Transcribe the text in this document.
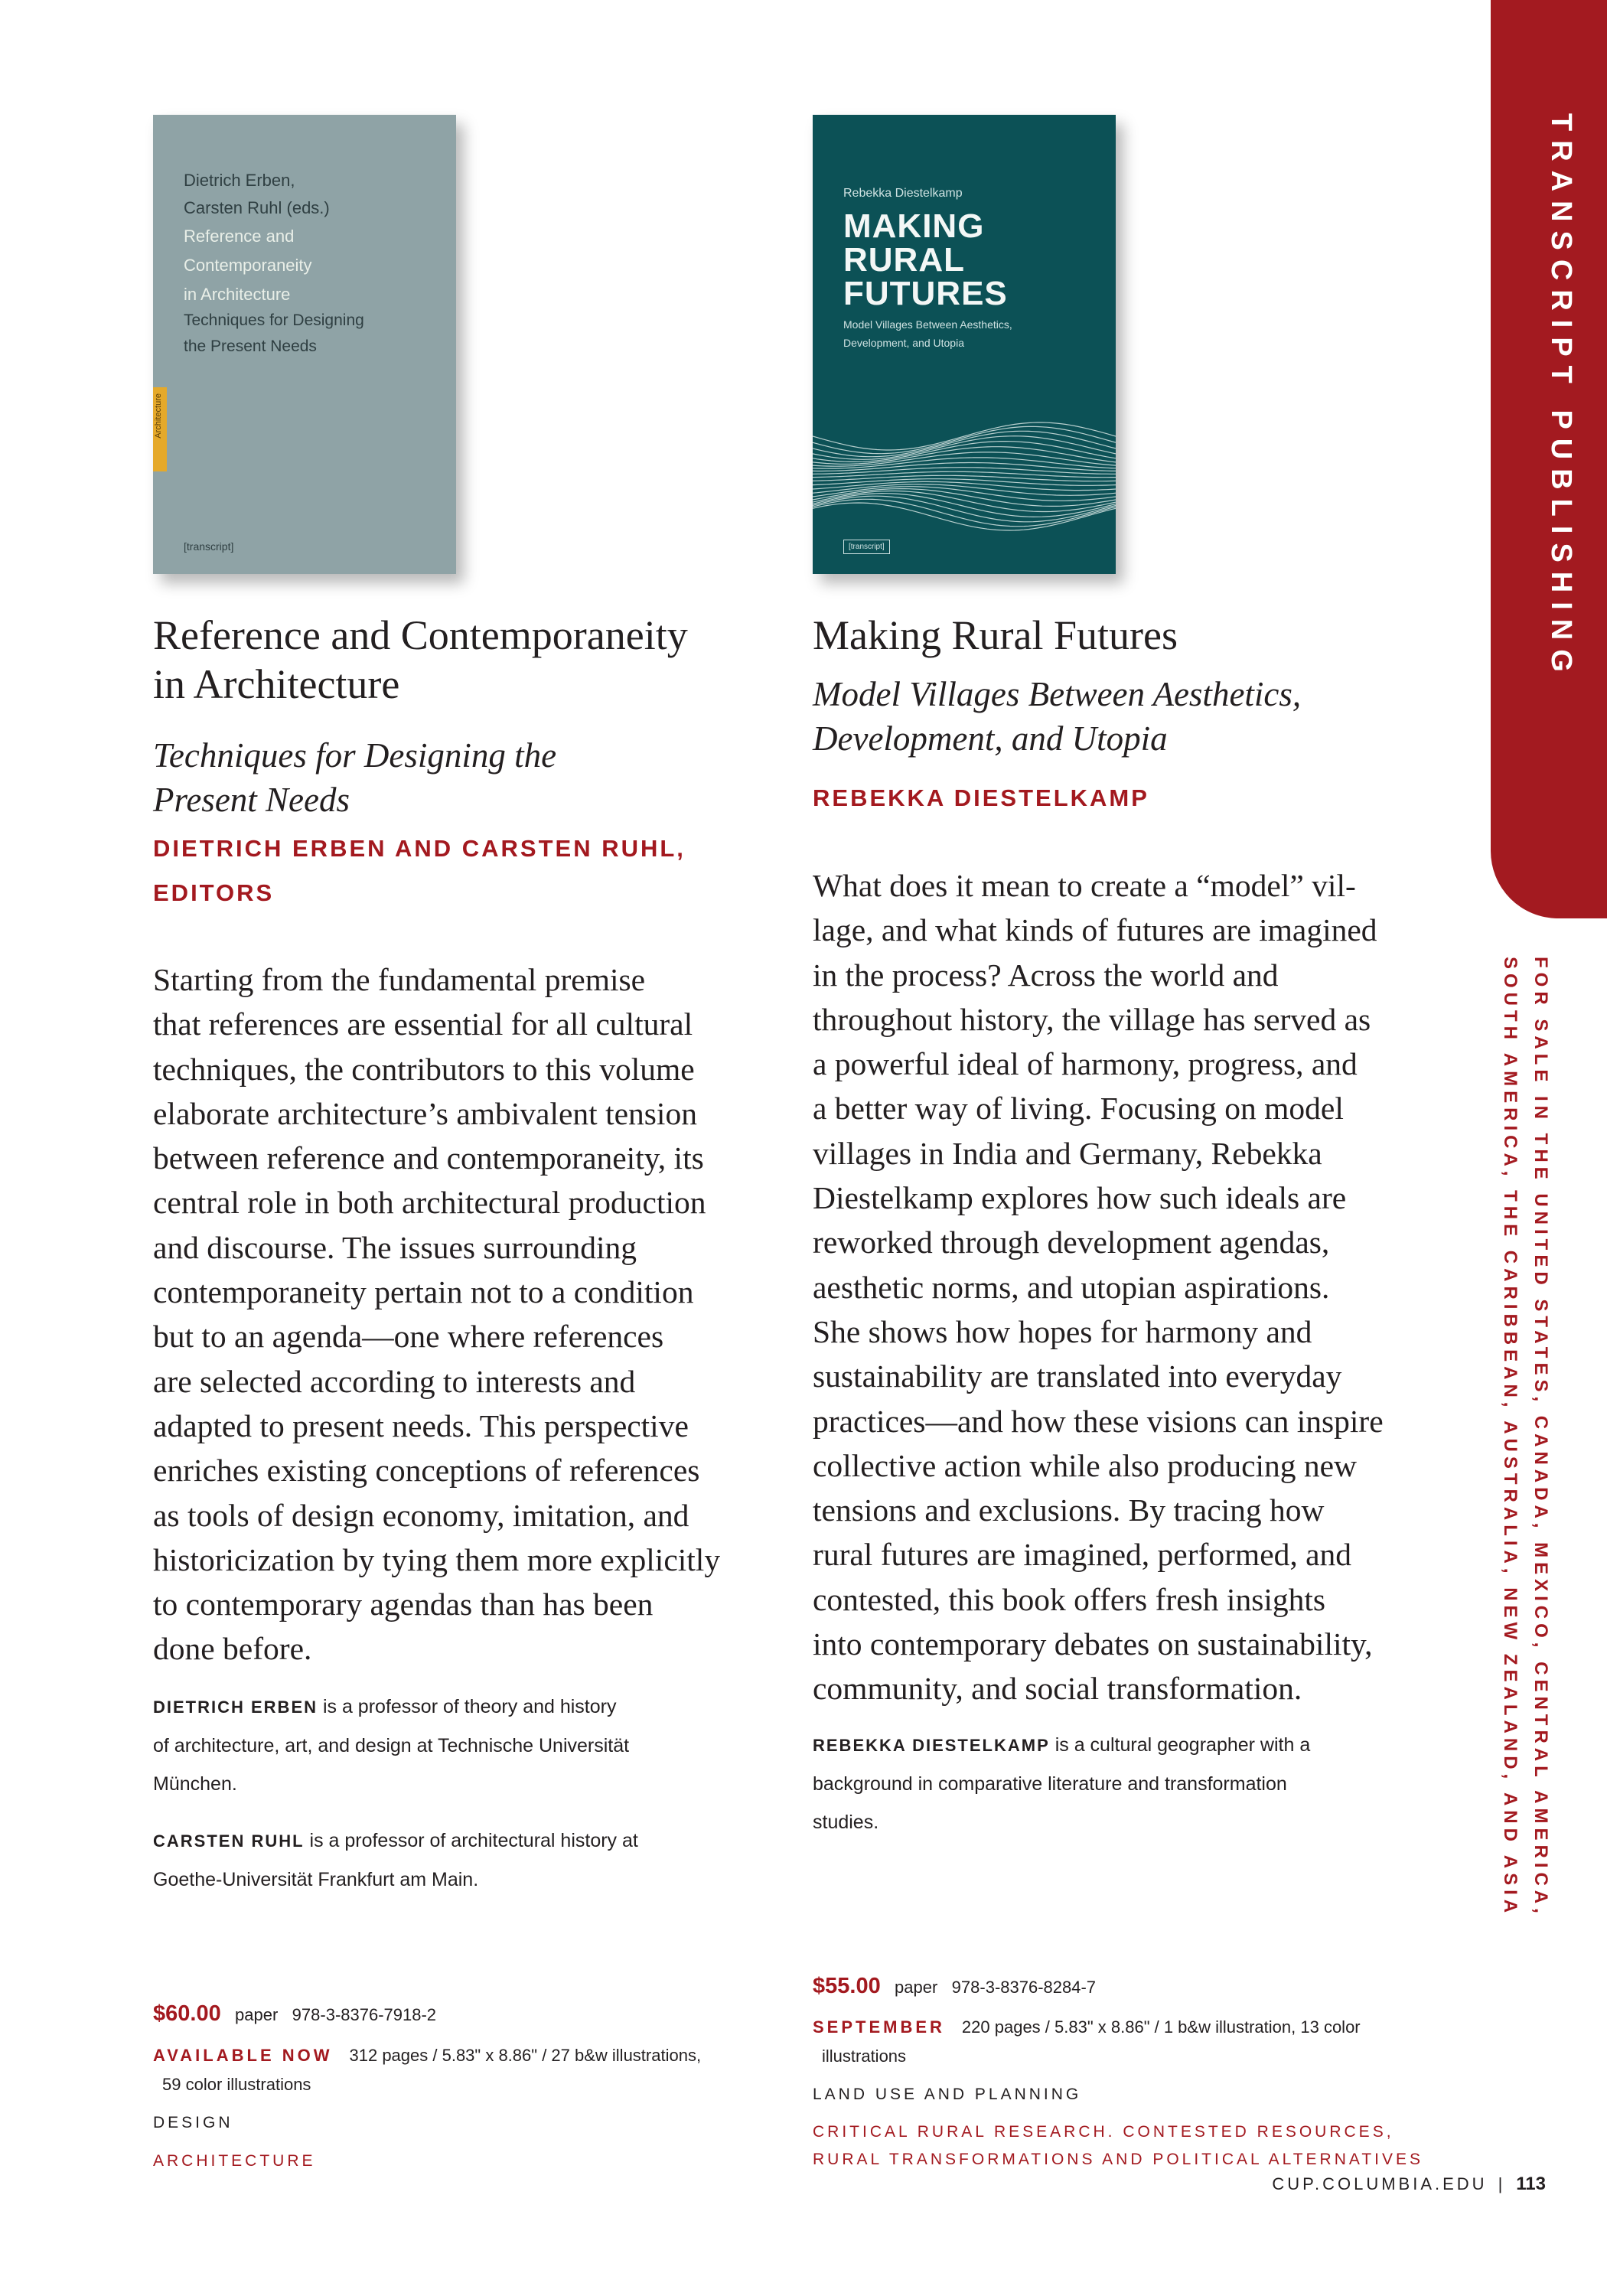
TRANSCRIPT PUBLISHING

FOR SALE IN THE UNITED STATES, CANADA, MEXICO, CENTRAL AMERICA,

SOUTH AMERICA, THE CARIBBEAN, AUSTRALIA, NEW ZEALAND, AND ASIA

Dietrich Erben,
Carsten Ruhl (eds.)
Reference and
Contemporaneity
in Architecture
Techniques for Designing
the Present Needs
Architecture
[transcript]
Reference and Contemporaneity
in Architecture

Techniques for Designing the
Present Needs

DIETRICH ERBEN AND CARSTEN RUHL,
EDITORS

Starting from the fundamental premise
that references are essential for all cultural
techniques, the contributors to this volume
elaborate architecture’s ambivalent tension
between reference and contemporaneity, its
central role in both architectural production
and discourse. The issues surrounding
contemporaneity pertain not to a condition
but to an agenda—one where references
are selected according to interests and
adapted to present needs. This perspective
enriches existing conceptions of references
as tools of design economy, imitation, and
historicization by tying them more explicitly
to contemporary agendas than has been
done before.

DIETRICH ERBEN is a professor of theory and history
of architecture, art, and design at Technische Universität
München.

CARSTEN RUHL is a professor of architectural history at
Goethe-Universität Frankfurt am Main.

$60.00 paper 978-3-8376-7918-2

AVAILABLE NOW 312 pages / 5.83" x 8.86" / 27 b&w illustrations,
59 color illustrations

DESIGN

ARCHITECTURE

Rebekka Diestelkamp
MAKING
RURAL
FUTURES
Model Villages Between Aesthetics,
Development, and Utopia
[transcript]
Making Rural Futures

Model Villages Between Aesthetics,
Development, and Utopia

REBEKKA DIESTELKAMP

What does it mean to create a “model” vil-
lage, and what kinds of futures are imagined
in the process? Across the world and
throughout history, the village has served as
a powerful ideal of harmony, progress, and
a better way of living. Focusing on model
villages in India and Germany, Rebekka
Diestelkamp explores how such ideals are
reworked through development agendas,
aesthetic norms, and utopian aspirations.
She shows how hopes for harmony and
sustainability are translated into everyday
practices—and how these visions can inspire
collective action while also producing new
tensions and exclusions. By tracing how
rural futures are imagined, performed, and
contested, this book offers fresh insights
into contemporary debates on sustainability,
community, and social transformation.

REBEKKA DIESTELKAMP is a cultural geographer with a
background in comparative literature and transformation
studies.

$55.00 paper 978-3-8376-8284-7

SEPTEMBER 220 pages / 5.83" x 8.86" / 1 b&w illustration, 13 color
illustrations

LAND USE AND PLANNING

CRITICAL RURAL RESEARCH. CONTESTED RESOURCES,
RURAL TRANSFORMATIONS AND POLITICAL ALTERNATIVES

CUP.COLUMBIA.EDU | 113
